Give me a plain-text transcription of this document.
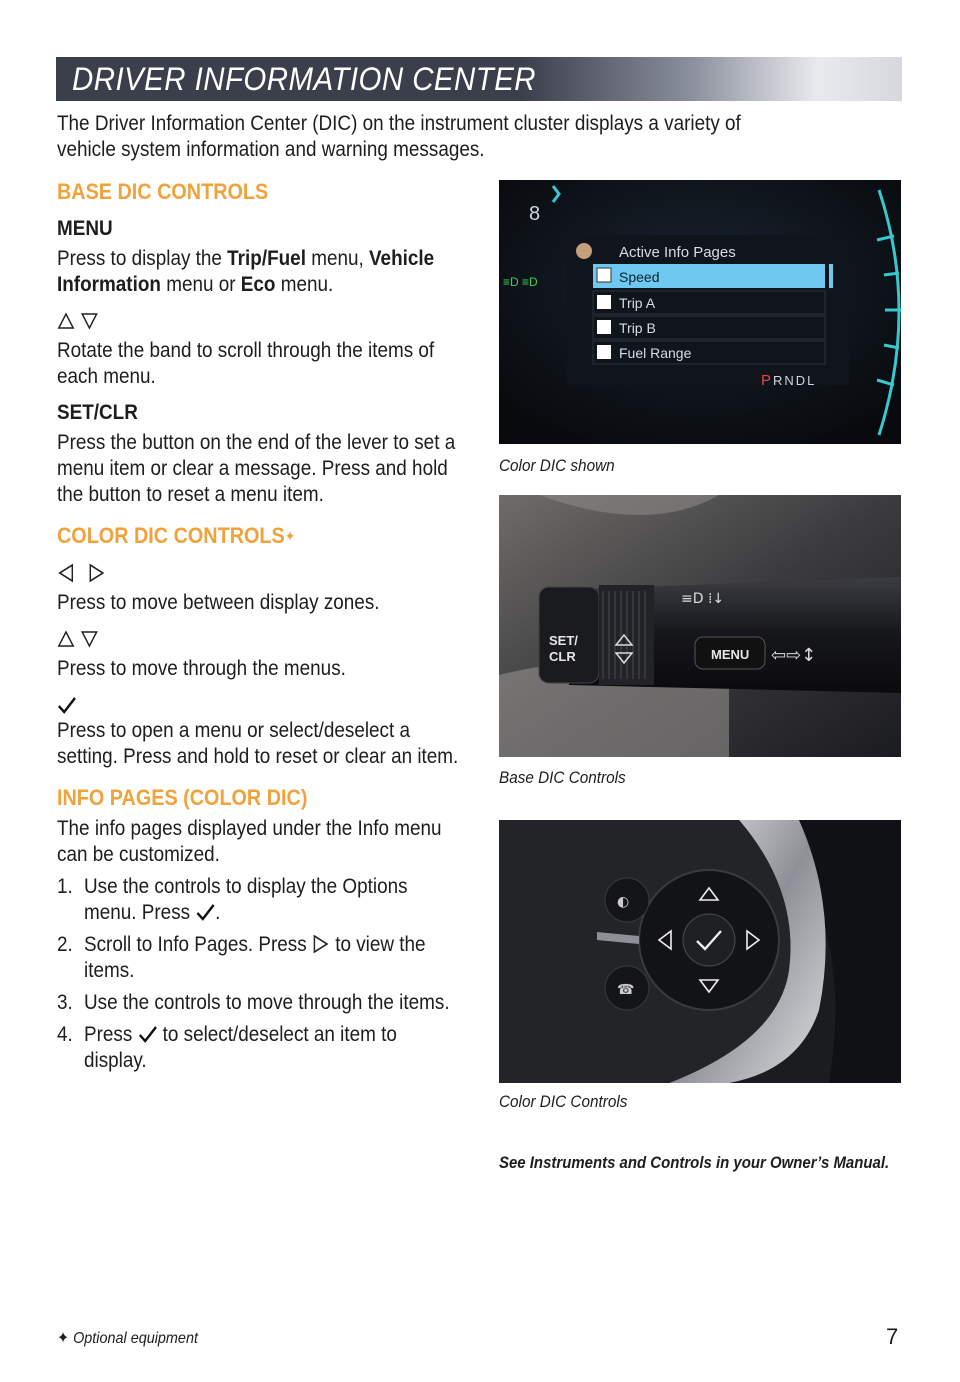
DRIVER INFORMATION CENTER
The Driver Information Center (DIC) on the instrument cluster displays a variety of vehicle system information and warning messages.
BASE DIC CONTROLS
MENU
Press to display the Trip/Fuel menu, Vehicle Information menu or Eco menu.
Rotate the band to scroll through the items of each menu.
SET/CLR
Press the button on the end of the lever to set a menu item or clear a message. Press and hold the button to reset a menu item.
COLOR DIC CONTROLS✦
Press to move between display zones.
Press to move through the menus.
Press to open a menu or select/deselect a setting. Press and hold to reset or clear an item.
INFO PAGES (COLOR DIC)
The info pages displayed under the Info menu can be customized.
1. Use the controls to display the Options menu. Press .
2. Scroll to Info Pages. Press  to view the items.
3. Use the controls to move through the items.
4. Press  to select/deselect an item to display.
8
≡D ≡D
Active Info Pages
Speed
Trip A
Trip B
Fuel Range
P RNDL
Color DIC shown
SET/
CLR
≡D ⁞↓
MENU ⇦⇨↕
Base DIC Controls
◐
☎
Color DIC Controls
See Instruments and Controls in your Owner’s Manual.
✦ Optional equipment	7
